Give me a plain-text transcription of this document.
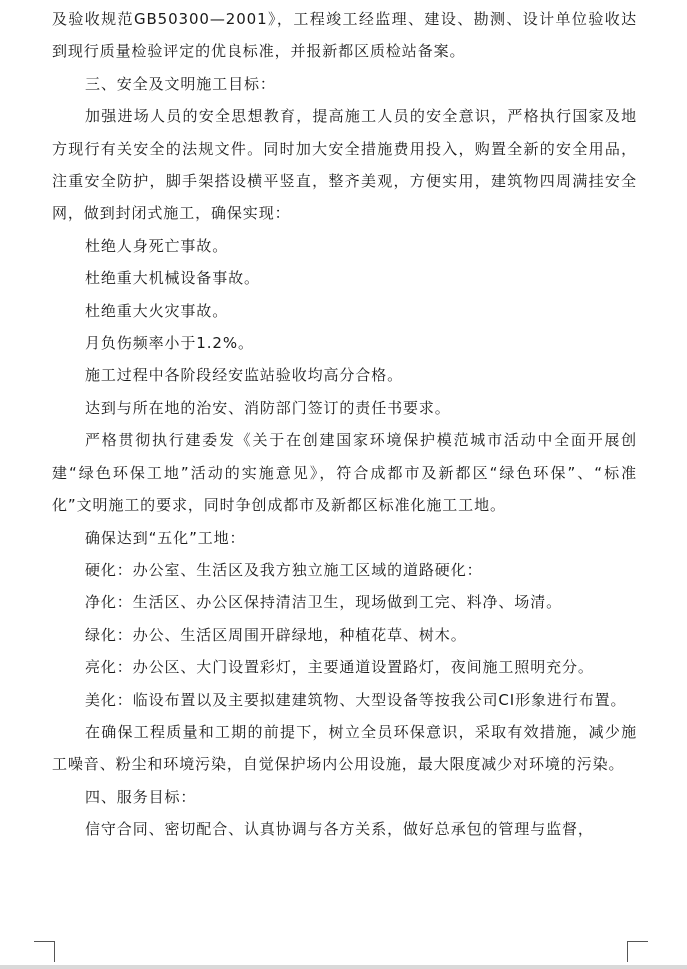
及验收规范GB50300—2001》，工程竣工经监理、建设、勘测、设计单位验收达到现行质量检验评定的优良标准，并报新都区质检站备案。

三、安全及文明施工目标：

加强进场人员的安全思想教育，提高施工人员的安全意识，严格执行国家及地方现行有关安全的法规文件。同时加大安全措施费用投入，购置全新的安全用品，注重安全防护，脚手架搭设横平竖直，整齐美观，方便实用，建筑物四周满挂安全网，做到封闭式施工，确保实现：

杜绝人身死亡事故。

杜绝重大机械设备事故。

杜绝重大火灾事故。

月负伤频率小于1.2%。

施工过程中各阶段经安监站验收均高分合格。

达到与所在地的治安、消防部门签订的责任书要求。

严格贯彻执行建委发《关于在创建国家环境保护模范城市活动中全面开展创建“绿色环保工地”活动的实施意见》，符合成都市及新都区“绿色环保”、“标准化”文明施工的要求，同时争创成都市及新都区标准化施工工地。

确保达到“五化”工地：

硬化：办公室、生活区及我方独立施工区域的道路硬化：

净化：生活区、办公区保持清洁卫生，现场做到工完、料净、场清。

绿化：办公、生活区周围开辟绿地，种植花草、树木。

亮化：办公区、大门设置彩灯，主要通道设置路灯，夜间施工照明充分。

美化：临设布置以及主要拟建建筑物、大型设备等按我公司CI形象进行布置。

在确保工程质量和工期的前提下，树立全员环保意识，采取有效措施，减少施工噪音、粉尘和环境污染，自觉保护场内公用设施，最大限度减少对环境的污染。

四、服务目标：

信守合同、密切配合、认真协调与各方关系，做好总承包的管理与监督，
